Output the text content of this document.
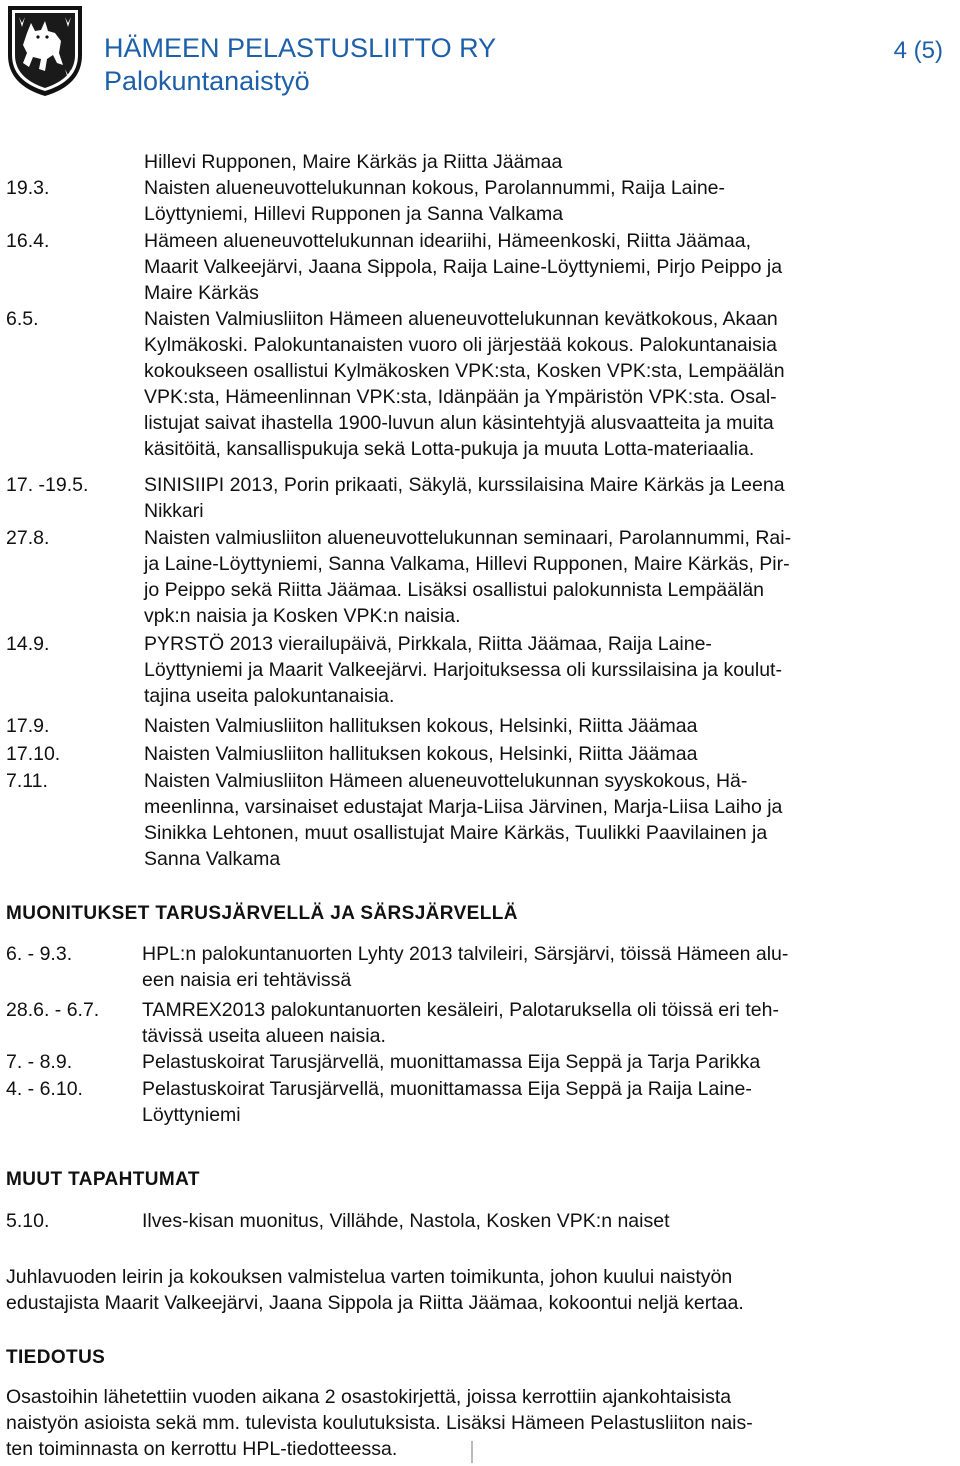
HÄMEEN PELASTUSLIITTO RY
Palokuntanaistyö
4 (5)
Hillevi Rupponen, Maire Kärkäs ja Riitta Jäämaa
19.3.	Naisten alueneuvottelukunnan kokous, Parolannummi, Raija Laine-
Löyttyniemi, Hillevi Rupponen ja Sanna Valkama
16.4.	Hämeen alueneuvottelukunnan ideariihi, Hämeenkoski, Riitta Jäämaa,
Maarit Valkeejärvi, Jaana Sippola, Raija Laine-Löyttyniemi, Pirjo Peippo ja
Maire Kärkäs
6.5.	Naisten Valmiusliiton Hämeen alueneuvottelukunnan kevätkokous, Akaan
Kylmäkoski. Palokuntanaisten vuoro oli järjestää kokous. Palokuntanaisia
kokoukseen osallistui Kylmäkosken VPK:sta, Kosken VPK:sta, Lempäälän
VPK:sta, Hämeenlinnan VPK:sta, Idänpään ja Ympäristön VPK:sta. Osal-
listujat saivat ihastella 1900-luvun alun käsintehtyjä alusvaatteita ja muita
käsitöitä, kansallispukuja sekä Lotta-pukuja ja muuta Lotta-materiaalia.
17. -19.5.	SINISIIPI 2013, Porin prikaati, Säkylä, kurssilaisina Maire Kärkäs ja Leena
Nikkari
27.8.	Naisten valmiusliiton alueneuvottelukunnan seminaari, Parolannummi, Rai-
ja Laine-Löyttyniemi, Sanna Valkama, Hillevi Rupponen, Maire Kärkäs, Pir-
jo Peippo sekä Riitta Jäämaa. Lisäksi osallistui palokunnista Lempäälän
vpk:n naisia ja Kosken VPK:n naisia.
14.9.	PYRSTÖ 2013 vierailupäivä, Pirkkala, Riitta Jäämaa, Raija Laine-
Löyttyniemi ja Maarit Valkeejärvi. Harjoituksessa oli kurssilaisina ja koulut-
tajina useita palokuntanaisia.
17.9.	Naisten Valmiusliiton hallituksen kokous, Helsinki, Riitta Jäämaa
17.10.	Naisten Valmiusliiton hallituksen kokous, Helsinki, Riitta Jäämaa
7.11.	Naisten Valmiusliiton Hämeen alueneuvottelukunnan syyskokous, Hä-
meenlinna, varsinaiset edustajat Marja-Liisa Järvinen, Marja-Liisa Laiho ja
Sinikka Lehtonen, muut osallistujat Maire Kärkäs, Tuulikki Paavilainen ja
Sanna Valkama
MUONITUKSET TARUSJÄRVELLÄ JA SÄRSJÄRVELLÄ
6. - 9.3.	HPL:n palokuntanuorten Lyhty 2013 talvileiri, Särsjärvi, töissä Hämeen alu-
een naisia eri tehtävissä
28.6. - 6.7. TAMREX2013 palokuntanuorten kesäleiri, Palotaruksella oli töissä eri teh-
tävissä useita alueen naisia.
7. - 8.9.	Pelastuskoirat Tarusjärvellä, muonittamassa Eija Seppä ja Tarja Parikka
4. - 6.10.	Pelastuskoirat Tarusjärvellä, muonittamassa Eija Seppä ja Raija Laine-
Löyttyniemi
MUUT TAPAHTUMAT
5.10.	Ilves-kisan muonitus, Villähde, Nastola, Kosken VPK:n naiset
Juhlavuoden leirin ja kokouksen valmistelua varten toimikunta, johon kuului naistyön
edustajista Maarit Valkeejärvi, Jaana Sippola ja Riitta Jäämaa, kokoontui neljä kertaa.
TIEDOTUS
Osastoihin lähetettiin vuoden aikana 2 osastokirjettä, joissa kerrottiin ajankohtaisista
naistyön asioista sekä mm. tulevista koulutuksista. Lisäksi Hämeen Pelastusliiton nais-
ten toiminnasta on kerrottu HPL-tiedotteessa.
